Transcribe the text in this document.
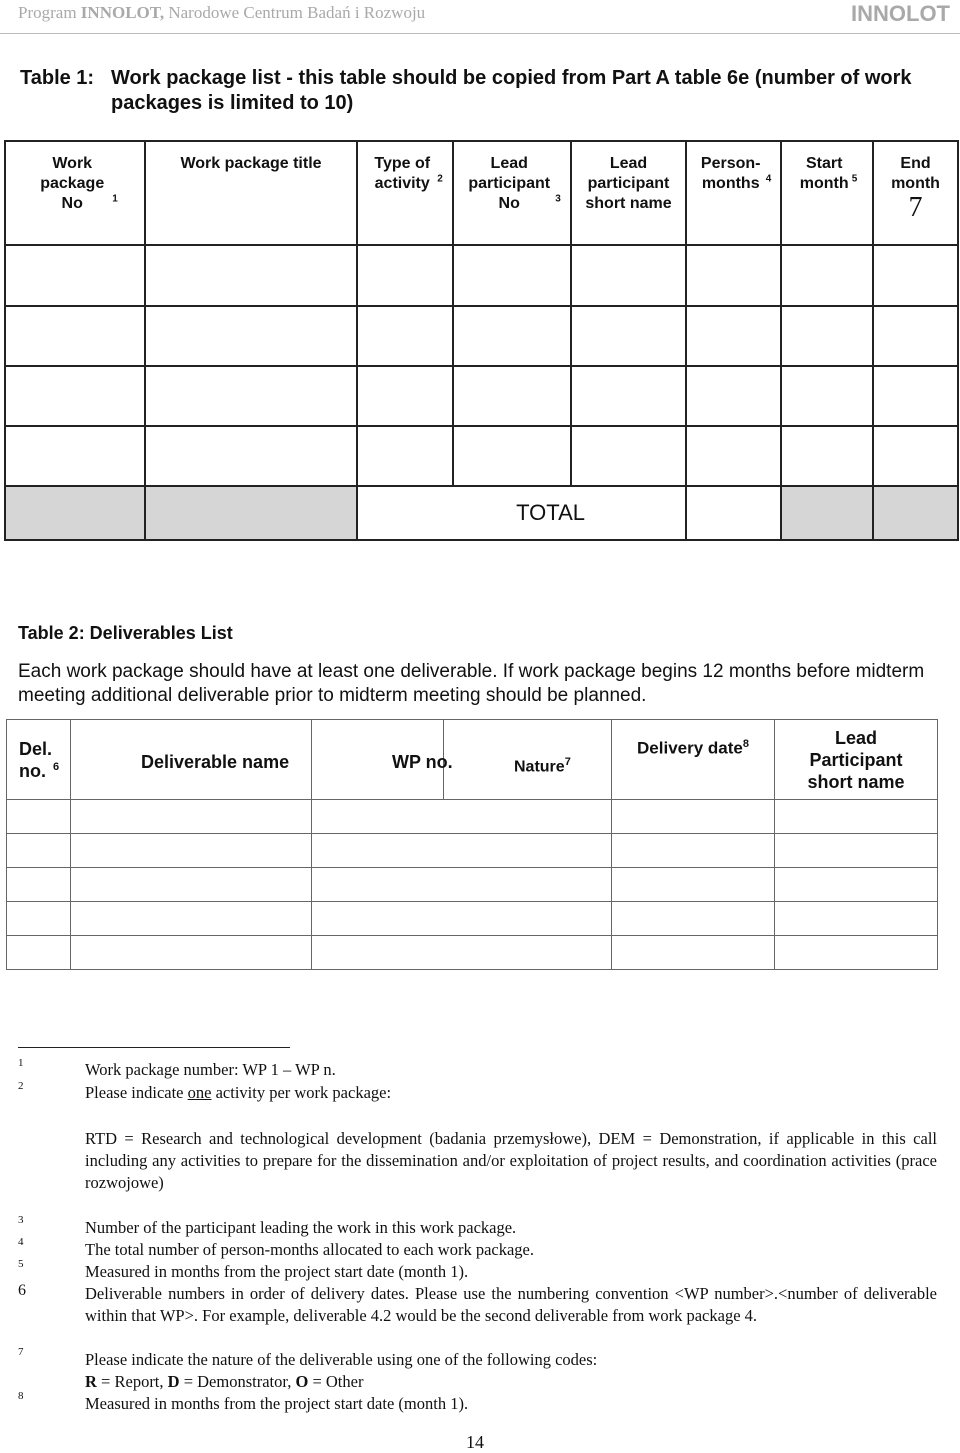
Program INNOLOT, Narodowe Centrum Badań i Rozwoju	INNOLOT
Table 1: Work package list - this table should be copied from Part A table 6e (number of work packages is limited to 10)
Work package No $^1$	Work package title	Type of activity $^2$	Lead participant No $^3$	Lead participant short name	Person-months $^4$	Start month $^5$	End month
7

		TOTAL					
Table 2: Deliverables List
Each work package should have at least one deliverable. If work package begins 12 months before midterm meeting additional deliverable prior to midterm meeting should be planned.
Del. no. $^6$	Deliverable name	WP no.	Nature$^7$	Delivery date$^8$	Lead Participant short name

1	Work package number: WP 1 – WP n.
2	Please indicate one activity per work package:
RTD = Research and technological development (badania przemysłowe), DEM = Demonstration, if applicable in this call including any activities to prepare for the dissemination and/or exploitation of project results, and coordination activities (prace rozwojowe)
3	Number of the participant leading the work in this work package.
4	The total number of person-months allocated to each work package.
5	Measured in months from the project start date (month 1).
6	Deliverable numbers in order of delivery dates. Please use the numbering convention <WP number>.<number of deliverable within that WP>. For example, deliverable 4.2 would be the second deliverable from work package 4.
7	Please indicate the nature of the deliverable using one of the following codes:
R = Report, D = Demonstrator, O = Other
8	Measured in months from the project start date (month 1).
14
